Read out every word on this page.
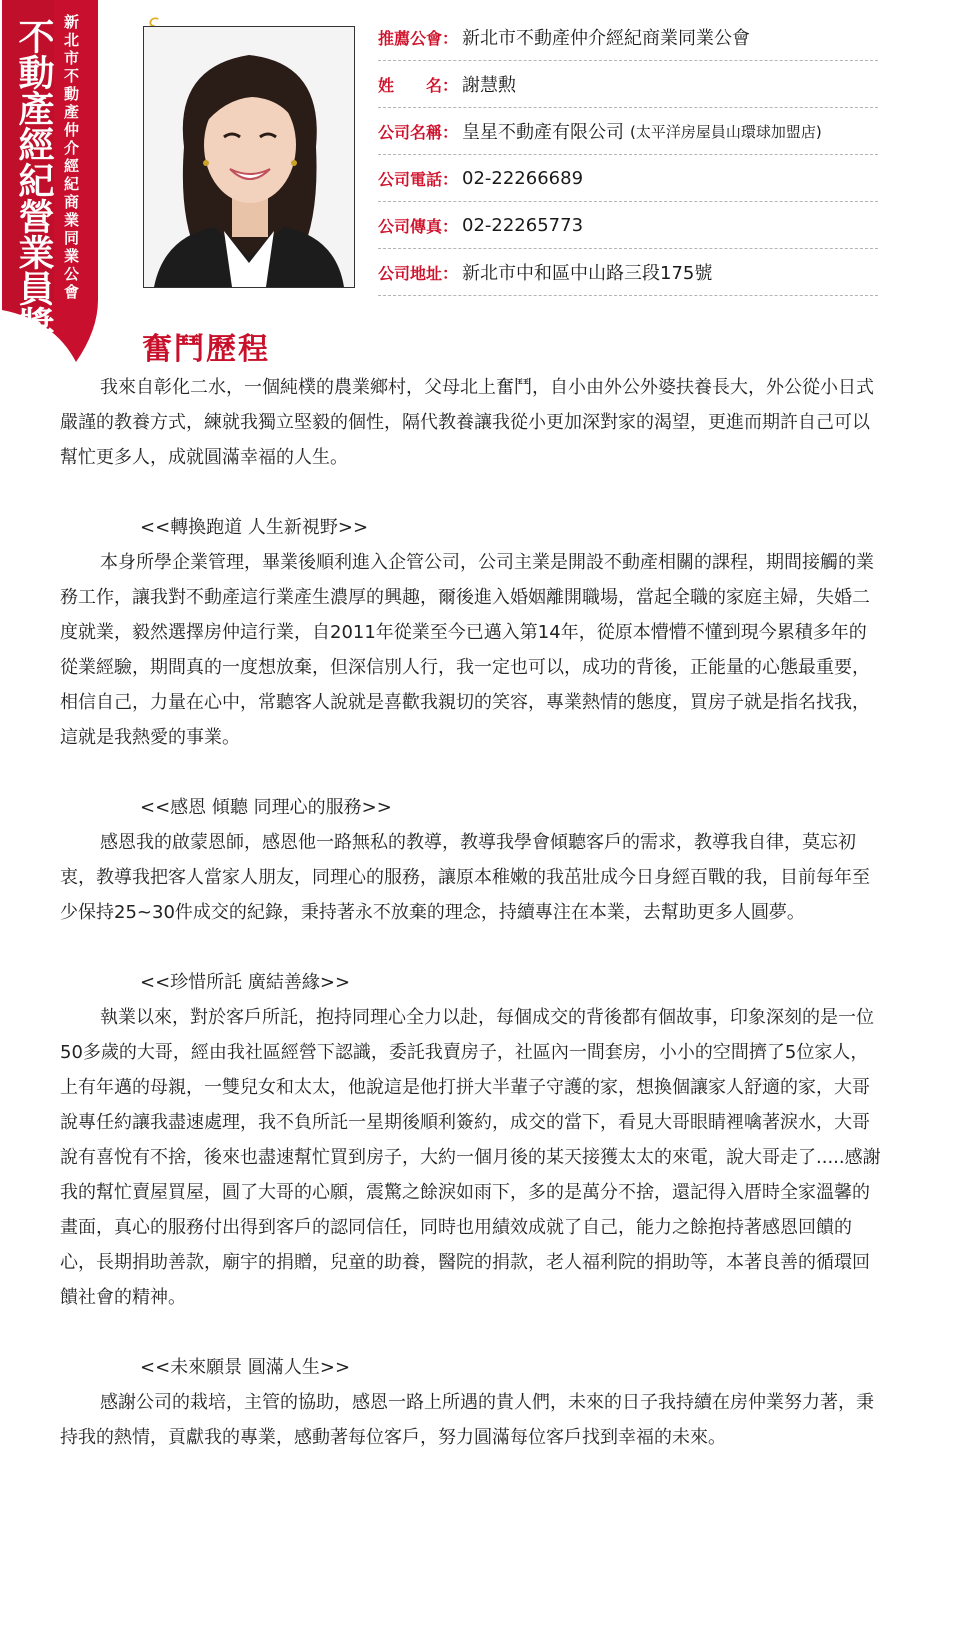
不動產經紀營業員獎 新北市不動產仲介經紀商業同業公會	推薦公會： 新北市不動產仲介經紀商業同業公會
姓　　名： 謝慧勲
公司名稱： 皇星不動產有限公司 (太平洋房屋員山環球加盟店)
公司電話： 02-22266689
公司傳真： 02-22265773
公司地址： 新北市中和區中山路三段175號
奮鬥歷程

我來自彰化二水，一個純樸的農業鄉村，父母北上奮鬥，自小由外公外婆扶養長大，外公從小日式嚴謹的教養方式，練就我獨立堅毅的個性，隔代教養讓我從小更加深對家的渴望，更進而期許自己可以幫忙更多人，成就圓滿幸福的人生。

<<轉換跑道 人生新視野>>

本身所學企業管理，畢業後順利進入企管公司，公司主業是開設不動產相關的課程，期間接觸的業務工作，讓我對不動產這行業產生濃厚的興趣，爾後進入婚姻離開職場，當起全職的家庭主婦，失婚二度就業，毅然選擇房仲這行業，自2011年從業至今已邁入第14年，從原本懵懵不懂到現今累積多年的從業經驗，期間真的一度想放棄，但深信別人行，我一定也可以，成功的背後，正能量的心態最重要，相信自己，力量在心中，常聽客人說就是喜歡我親切的笑容，專業熱情的態度，買房子就是指名找我，這就是我熱愛的事業。

<<感恩 傾聽 同理心的服務>>

感恩我的啟蒙恩師，感恩他一路無私的教導，教導我學會傾聽客戶的需求，教導我自律，莫忘初衷，教導我把客人當家人朋友，同理心的服務，讓原本稚嫩的我茁壯成今日身經百戰的我，目前每年至少保持25~30件成交的紀錄，秉持著永不放棄的理念，持續專注在本業，去幫助更多人圓夢。

<<珍惜所託 廣結善緣>>

執業以來，對於客戶所託，抱持同理心全力以赴，每個成交的背後都有個故事，印象深刻的是一位50多歲的大哥，經由我社區經營下認識，委託我賣房子，社區內一間套房，小小的空間擠了5位家人，上有年邁的母親，一雙兒女和太太，他說這是他打拼大半輩子守護的家，想換個讓家人舒適的家，大哥說專任約讓我盡速處理，我不負所託一星期後順利簽約，成交的當下，看見大哥眼睛裡噙著淚水，大哥說有喜悅有不捨，後來也盡速幫忙買到房子，大約一個月後的某天接獲太太的來電，說大哥走了.....感謝我的幫忙賣屋買屋，圓了大哥的心願，震驚之餘淚如雨下，多的是萬分不捨，還記得入厝時全家溫馨的畫面，真心的服務付出得到客戶的認同信任，同時也用績效成就了自己，能力之餘抱持著感恩回饋的心，長期捐助善款，廟宇的捐贈，兒童的助養，醫院的捐款，老人福利院的捐助等，本著良善的循環回饋社會的精神。

<<未來願景 圓滿人生>>

感謝公司的栽培，主管的協助，感恩一路上所遇的貴人們，未來的日子我持續在房仲業努力著，秉持我的熱情，貢獻我的專業，感動著每位客戶，努力圓滿每位客戶找到幸福的未來。
